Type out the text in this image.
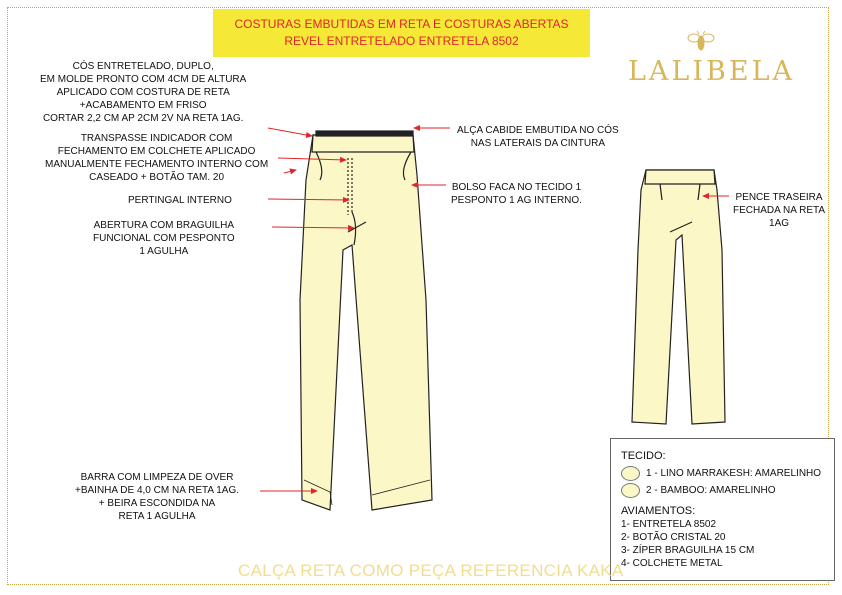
COSTURAS EMBUTIDAS EM RETA E COSTURAS ABERTAS
REVEL ENTRETELADO ENTRETELA 8502
LALIBELA
CÓS ENTRETELADO, DUPLO,
EM MOLDE PRONTO COM 4CM DE ALTURA
APLICADO COM COSTURA DE RETA
+ACABAMENTO EM FRISO
CORTAR 2,2 CM AP 2CM 2V NA RETA 1AG.
TRANSPASSE INDICADOR COM
FECHAMENTO EM COLCHETE APLICADO
MANUALMENTE FECHAMENTO INTERNO COM
CASEADO + BOTÃO TAM. 20
PERTINGAL INTERNO
ABERTURA COM BRAGUILHA
FUNCIONAL COM PESPONTO
1 AGULHA
BARRA COM LIMPEZA DE OVER
+BAINHA DE 4,0 CM NA RETA 1AG.
+ BEIRA ESCONDIDA NA
RETA 1 AGULHA
ALÇA CABIDE EMBUTIDA NO CÓS
NAS LATERAIS DA CINTURA
BOLSO FACA NO TECIDO 1
PESPONTO 1 AG INTERNO.	PENCE TRASEIRA
FECHADA NA RETA
1AG
TECIDO:
1 - LINO MARRAKESH: AMARELINHO
2 - BAMBOO: AMARELINHO
AVIAMENTOS:
1- ENTRETELA 8502
2- BOTÃO CRISTAL 20
3- ZÍPER BRAGUILHA 15 CM
4- COLCHETE METAL
CALÇA RETA COMO PEÇA REFERENCIA KAKA
